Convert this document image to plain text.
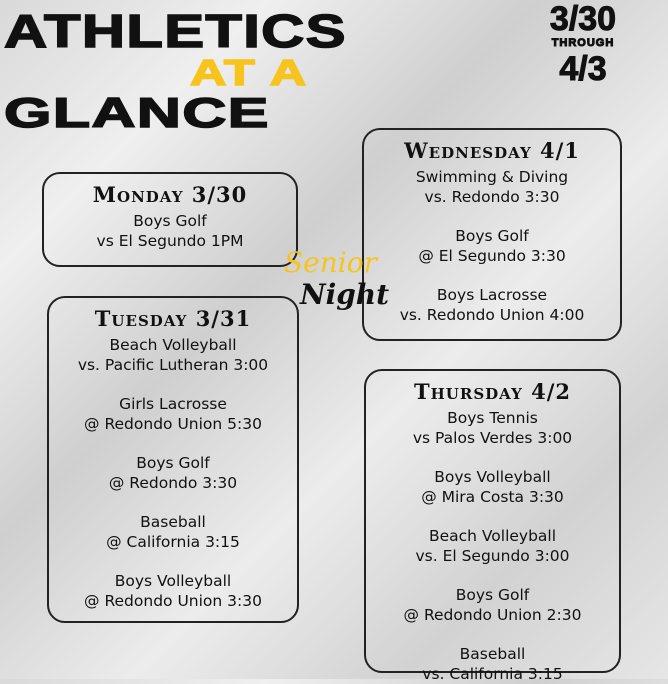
ATHLETICS
AT A
GLANCE
3/30
THROUGH
4/3
Monday 3/30
Boys Golf
vs El Segundo 1PM
Tuesday 3/31
Beach Volleyball
vs. Pacific Lutheran 3:00
Girls Lacrosse
@ Redondo Union 5:30
Boys Golf
@ Redondo 3:30
Baseball
@ California 3:15
Boys Volleyball
@ Redondo Union 3:30
Wednesday 4/1
Swimming & Diving
vs. Redondo 3:30
Boys Golf
@ El Segundo 3:30
Boys Lacrosse
vs. Redondo Union 4:00
Thursday 4/2
Boys Tennis
vs Palos Verdes 3:00
Boys Volleyball
@ Mira Costa 3:30
Beach Volleyball
vs. El Segundo 3:00
Boys Golf
@ Redondo Union 2:30
Baseball
vs. California 3:15
Senior
Night
